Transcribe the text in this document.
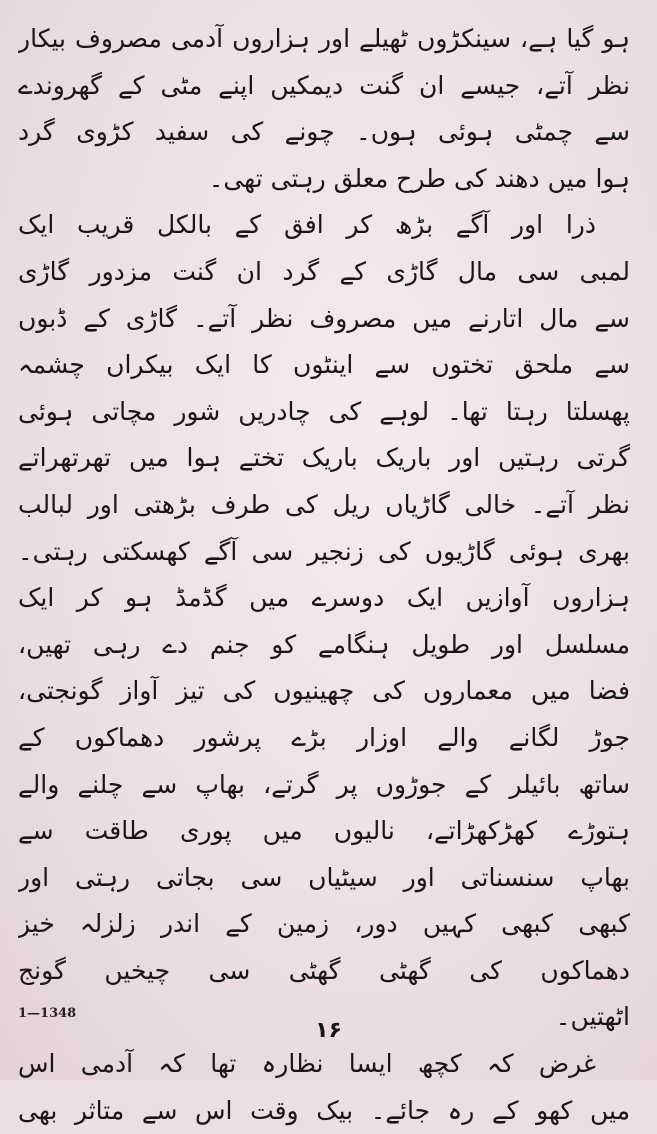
ہو گیا ہے، سینکڑوں ٹھیلے اور ہزاروں آدمی مصروف بیکار
نظر آتے، جیسے ان گنت دیمکیں اپنے مٹی کے گھروندے
سے چمٹی ہوئی ہوں۔ چونے کی سفید کڑوی گرد
ہوا میں دھند کی طرح معلق رہتی تھی۔
ذرا اور آگے بڑھ کر افق کے بالکل قریب ایک
لمبی سی مال گاڑی کے گرد ان گنت مزدور گاڑی
سے مال اتارنے میں مصروف نظر آتے۔ گاڑی کے ڈبوں
سے ملحق تختوں سے اینٹوں کا ایک بیکراں چشمہ
پھسلتا رہتا تھا۔ لوہے کی چادریں شور مچاتی ہوئی
گرتی رہتیں اور باریک باریک تختے ہوا میں تھرتھراتے
نظر آتے۔ خالی گاڑیاں ریل کی طرف بڑھتی اور لبالب
بھری ہوئی گاڑیوں کی زنجیر سی آگے کھسکتی رہتی۔
ہزاروں آوازیں ایک دوسرے میں گڈمڈ ہو کر ایک
مسلسل اور طویل ہنگامے کو جنم دے رہی تھیں،
فضا میں معماروں کی چھینیوں کی تیز آواز گونجتی،
جوڑ لگانے والے اوزار بڑے پرشور دھماکوں کے
ساتھ بائیلر کے جوڑوں پر گرتے، بھاپ سے چلنے والے
ہتوڑے کھڑکھڑاتے، نالیوں میں پوری طاقت سے
بھاپ سنسناتی اور سیٹیاں سی بجاتی رہتی اور
کبھی کبھی کہیں دور، زمین کے اندر زلزلہ خیز
دھماکوں کی گھٹی گھٹی سی چیخیں گونج
اٹھتیں۔
غرض کہ کچھ ایسا نظارہ تھا کہ آدمی اس
میں کھو کے رہ جائے۔ بیک وقت اس سے متاثر بھی
1—1348
۱۶
